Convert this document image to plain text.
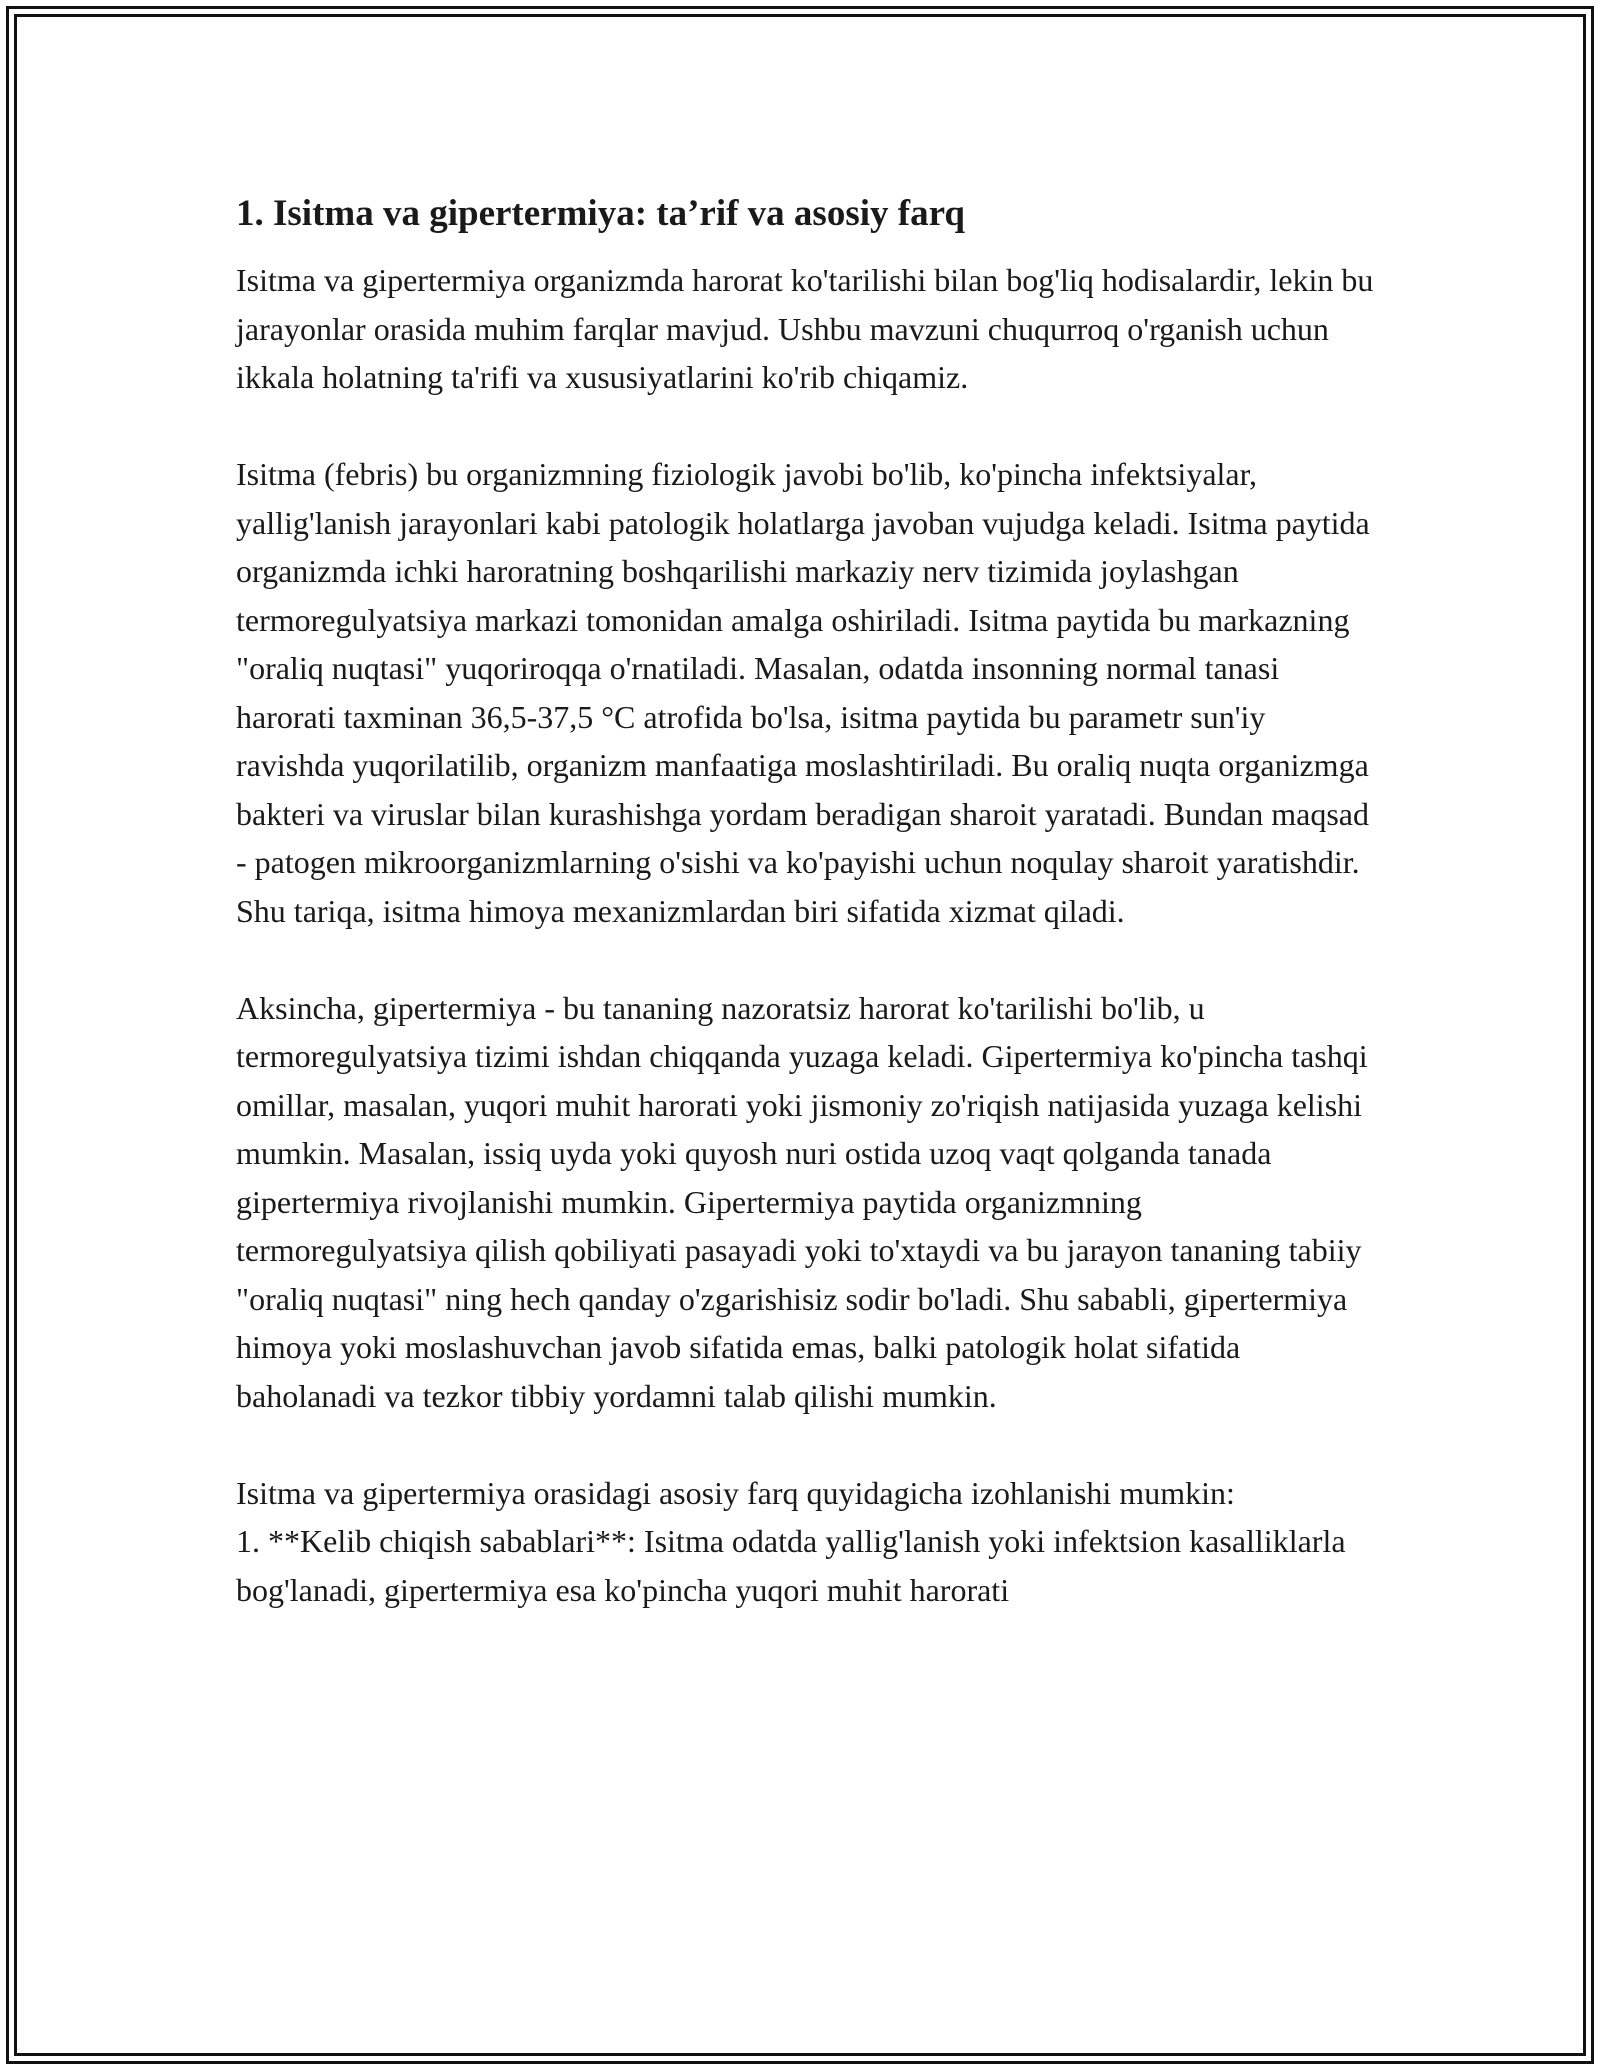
1. Isitma va gipertermiya: ta’rif va asosiy farq

Isitma va gipertermiya organizmda harorat ko'tarilishi bilan bog'liq hodisalardir, lekin bu jarayonlar orasida muhim farqlar mavjud. Ushbu mavzuni chuqurroq o'rganish uchun ikkala holatning ta'rifi va xususiyatlarini ko'rib chiqamiz.

Isitma (febris) bu organizmning fiziologik javobi bo'lib, ko'pincha infektsiyalar, yallig'lanish jarayonlari kabi patologik holatlarga javoban vujudga keladi. Isitma paytida organizmda ichki haroratning boshqarilishi markaziy nerv tizimida joylashgan termoregulyatsiya markazi tomonidan amalga oshiriladi. Isitma paytida bu markazning "oraliq nuqtasi" yuqoriroqqa o'rnatiladi. Masalan, odatda insonning normal tanasi harorati taxminan 36,5-37,5 °C atrofida bo'lsa, isitma paytida bu parametr sun'iy ravishda yuqorilatilib, organizm manfaatiga moslashtiriladi. Bu oraliq nuqta organizmga bakteri va viruslar bilan kurashishga yordam beradigan sharoit yaratadi. Bundan maqsad - patogen mikroorganizmlarning o'sishi va ko'payishi uchun noqulay sharoit yaratishdir. Shu tariqa, isitma himoya mexanizmlardan biri sifatida xizmat qiladi.

Aksincha, gipertermiya - bu tananing nazoratsiz harorat ko'tarilishi bo'lib, u termoregulyatsiya tizimi ishdan chiqqanda yuzaga keladi. Gipertermiya ko'pincha tashqi omillar, masalan, yuqori muhit harorati yoki jismoniy zo'riqish natijasida yuzaga kelishi mumkin. Masalan, issiq uyda yoki quyosh nuri ostida uzoq vaqt qolganda tanada gipertermiya rivojlanishi mumkin. Gipertermiya paytida organizmning termoregulyatsiya qilish qobiliyati pasayadi yoki to'xtaydi va bu jarayon tananing tabiiy "oraliq nuqtasi" ning hech qanday o'zgarishisiz sodir bo'ladi. Shu sababli, gipertermiya himoya yoki moslashuvchan javob sifatida emas, balki patologik holat sifatida baholanadi va tezkor tibbiy yordamni talab qilishi mumkin.

Isitma va gipertermiya orasidagi asosiy farq quyidagicha izohlanishi mumkin:

1. **Kelib chiqish sabablari**: Isitma odatda yallig'lanish yoki infektsion kasalliklarla bog'lanadi, gipertermiya esa ko'pincha yuqori muhit harorati
